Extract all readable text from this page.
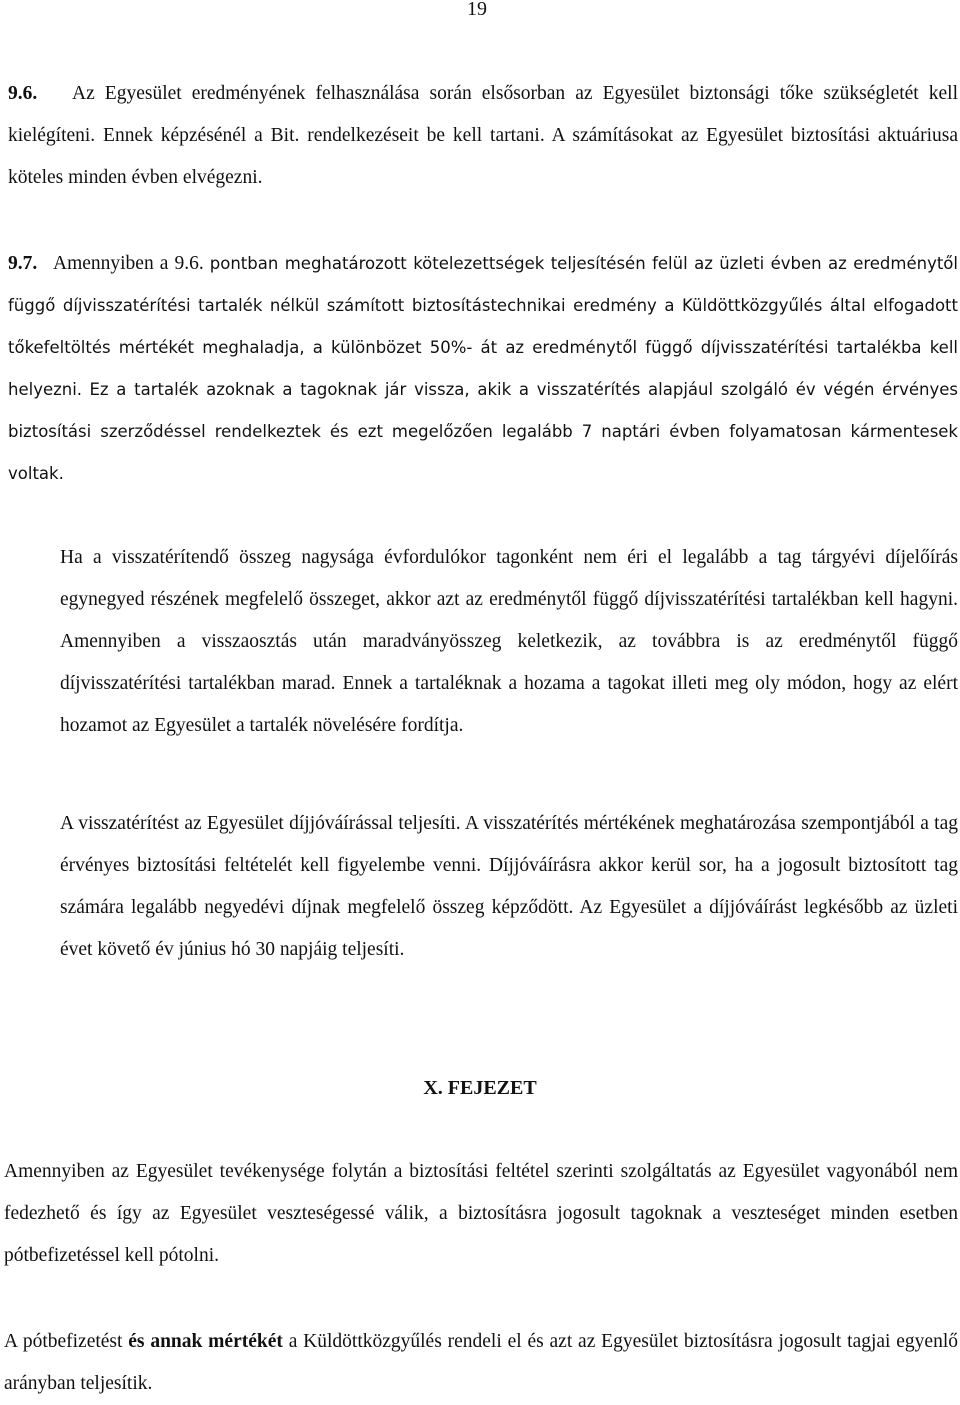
19

9.6. Az Egyesület eredményének felhasználása során elsősorban az Egyesület biztonsági tőke szükségletét kell kielégíteni. Ennek képzésénél a Bit. rendelkezéseit be kell tartani. A számításokat az Egyesület biztosítási aktuáriusa köteles minden évben elvégezni.

9.7. Amennyiben a 9.6. pontban meghatározott kötelezettségek teljesítésén felül az üzleti évben az eredménytől függő díjvisszatérítési tartalék nélkül számított biztosítástechnikai eredmény a Küldöttközgyűlés által elfogadott tőkefeltöltés mértékét meghaladja, a különbözet 50%- át az eredménytől függő díjvisszatérítési tartalékba kell helyezni. Ez a tartalék azoknak a tagoknak jár vissza, akik a visszatérítés alapjául szolgáló év végén érvényes biztosítási szerződéssel rendelkeztek és ezt megelőzően legalább 7 naptári évben folyamatosan kármentesek voltak.

Ha a visszatérítendő összeg nagysága évfordulókor tagonként nem éri el legalább a tag tárgyévi díjelőírás egynegyed részének megfelelő összeget, akkor azt az eredménytől függő díjvisszatérítési tartalékban kell hagyni. Amennyiben a visszaosztás után maradványösszeg keletkezik, az továbbra is az eredménytől függő díjvisszatérítési tartalékban marad. Ennek a tartaléknak a hozama a tagokat illeti meg oly módon, hogy az elért hozamot az Egyesület a tartalék növelésére fordítja.

A visszatérítést az Egyesület díjjóváírással teljesíti. A visszatérítés mértékének meghatározása szempontjából a tag érvényes biztosítási feltételét kell figyelembe venni. Díjjóváírásra akkor kerül sor, ha a jogosult biztosított tag számára legalább negyedévi díjnak megfelelő összeg képződött. Az Egyesület a díjjóváírást legkésőbb az üzleti évet követő év június hó 30 napjáig teljesíti.

X. FEJEZET

Amennyiben az Egyesület tevékenysége folytán a biztosítási feltétel szerinti szolgáltatás az Egyesület vagyonából nem fedezhető és így az Egyesület veszteségessé válik, a biztosításra jogosult tagoknak a veszteséget minden esetben pótbefizetéssel kell pótolni.

A pótbefizetést és annak mértékét a Küldöttközgyűlés rendeli el és azt az Egyesület biztosításra jogosult tagjai egyenlő arányban teljesítik.
